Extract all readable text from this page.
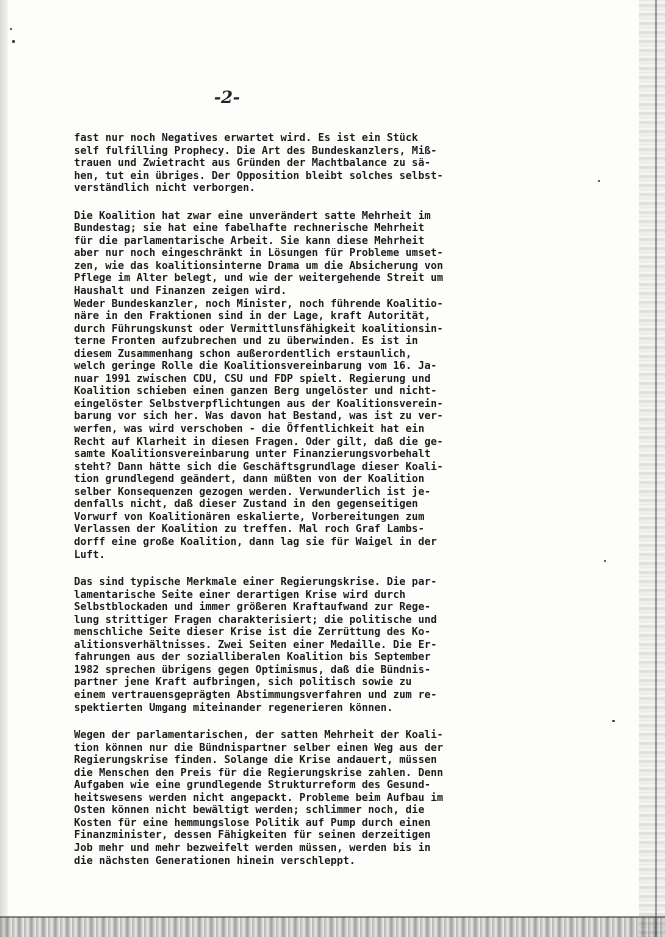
-2-
fast nur noch Negatives erwartet wird. Es ist ein Stück
self fulfilling Prophecy. Die Art des Bundeskanzlers, Miß-
trauen und Zwietracht aus Gründen der Machtbalance zu sä-
hen, tut ein übriges. Der Opposition bleibt solches selbst-
verständlich nicht verborgen.
Die Koalition hat zwar eine unverändert satte Mehrheit im
Bundestag; sie hat eine fabelhafte rechnerische Mehrheit
für die parlamentarische Arbeit. Sie kann diese Mehrheit
aber nur noch eingeschränkt in Lösungen für Probleme umset-
zen, wie das koalitionsinterne Drama um die Absicherung von
Pflege im Alter belegt, und wie der weitergehende Streit um
Haushalt und Finanzen zeigen wird.
Weder Bundeskanzler, noch Minister, noch führende Koalitio-
näre in den Fraktionen sind in der Lage, kraft Autorität,
durch Führungskunst oder Vermittlunsfähigkeit koalitionsin-
terne Fronten aufzubrechen und zu überwinden. Es ist in
diesem Zusammenhang schon außerordentlich erstaunlich,
welch geringe Rolle die Koalitionsvereinbarung vom 16. Ja-
nuar 1991 zwischen CDU, CSU und FDP spielt. Regierung und
Koalition schieben einen ganzen Berg ungelöster und nicht-
eingelöster Selbstverpflichtungen aus der Koalitionsverein-
barung vor sich her. Was davon hat Bestand, was ist zu ver-
werfen, was wird verschoben - die Öffentlichkeit hat ein
Recht auf Klarheit in diesen Fragen. Oder gilt, daß die ge-
samte Koalitionsvereinbarung unter Finanzierungsvorbehalt
steht? Dann hätte sich die Geschäftsgrundlage dieser Koali-
tion grundlegend geändert, dann müßten von der Koalition
selber Konsequenzen gezogen werden. Verwunderlich ist je-
denfalls nicht, daß dieser Zustand in den gegenseitigen
Vorwurf von Koalitionären eskalierte, Vorbereitungen zum
Verlassen der Koalition zu treffen. Mal roch Graf Lambs-
dorff eine große Koalition, dann lag sie für Waigel in der
Luft.
Das sind typische Merkmale einer Regierungskrise. Die par-
lamentarische Seite einer derartigen Krise wird durch
Selbstblockaden und immer größeren Kraftaufwand zur Rege-
lung strittiger Fragen charakterisiert; die politische und
menschliche Seite dieser Krise ist die Zerrüttung des Ko-
alitionsverhältnisses. Zwei Seiten einer Medaille. Die Er-
fahrungen aus der sozialliberalen Koalition bis September
1982 sprechen übrigens gegen Optimismus, daß die Bündnis-
partner jene Kraft aufbringen, sich politisch sowie zu
einem vertrauensgeprägten Abstimmungsverfahren und zum re-
spektierten Umgang miteinander regenerieren können.
Wegen der parlamentarischen, der satten Mehrheit der Koali-
tion können nur die Bündnispartner selber einen Weg aus der
Regierungskrise finden. Solange die Krise andauert, müssen
die Menschen den Preis für die Regierungskrise zahlen. Denn
Aufgaben wie eine grundlegende Strukturreform des Gesund-
heitswesens werden nicht angepackt. Probleme beim Aufbau im
Osten können nicht bewältigt werden; schlimmer noch, die
Kosten für eine hemmungslose Politik auf Pump durch einen
Finanzminister, dessen Fähigkeiten für seinen derzeitigen
Job mehr und mehr bezweifelt werden müssen, werden bis in
die nächsten Generationen hinein verschleppt.
